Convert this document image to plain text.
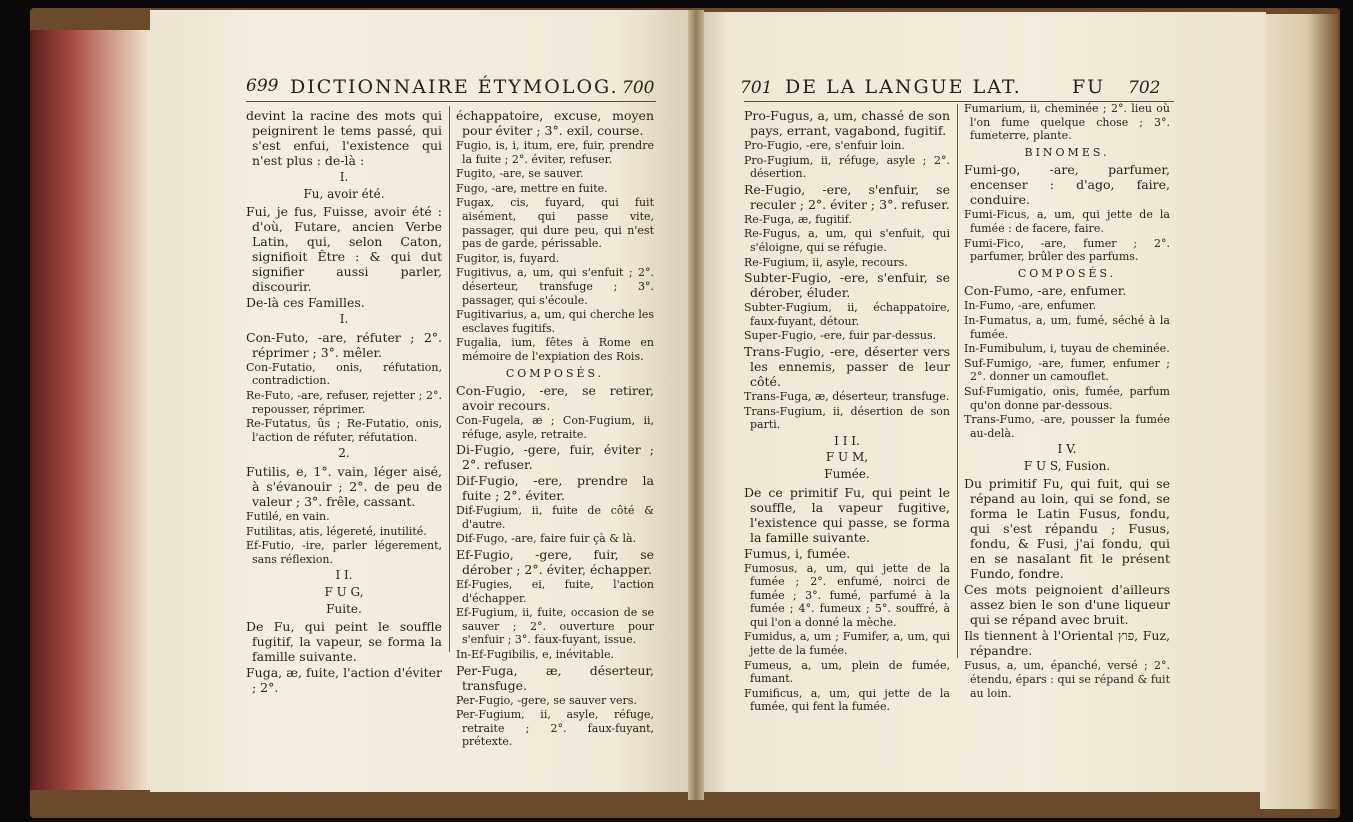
699 DICTIONNAIRE ÉTYMOLOG. 700	701 DE LA LANGUE LAT.	FU 702

devint la racine des mots qui peignirent le tems passé, qui s'est enfui, l'existence qui n'est plus : de-là :

I.

Fu, avoir été.

Fui, je fus, Fuisse, avoir été : d'où, Futare, ancien Verbe Latin, qui, selon Caton, signifioit Être : & qui dut signifier aussi parler, discourir.

De-là ces Familles.

I.

Con-Futo, -are, réfuter ; 2°. réprimer ; 3°. mêler.

Con-Futatio, onis, réfutation, contradiction.

Re-Futo, -are, refuser, rejetter ; 2°. repousser, réprimer.

Re-Futatus, ûs ; Re-Futatio, onis, l'action de réfuter, réfutation.

2.

Futilis, e, 1°. vain, léger aisé, à s'évanouir ; 2°. de peu de valeur ; 3°. frêle, cassant.

Futilé, en vain.

Futilitas, atis, légereté, inutilité.

Ef-Futio, -ire, parler légerement, sans réflexion.

I I.

F U G,

Fuite.

De Fu, qui peint le souffle fugitif, la vapeur, se forma la famille suivante.

Fuga, æ, fuite, l'action d'éviter ; 2°.

échappatoire, excuse, moyen pour éviter ; 3°. exil, course.

Fugio, is, i, itum, ere, fuir, prendre la fuite ; 2°. éviter, refuser.

Fugito, -are, se sauver.

Fugo, -are, mettre en fuite.

Fugax, cis, fuyard, qui fuit aisément, qui passe vite, passager, qui dure peu, qui n'est pas de garde, périssable.

Fugitor, is, fuyard.

Fugitivus, a, um, qui s'enfuit ; 2°. déserteur, transfuge ; 3°. passager, qui s'écoule.

Fugitivarius, a, um, qui cherche les esclaves fugitifs.

Fugalia, ium, fêtes à Rome en mémoire de l'expiation des Rois.

COMPOSÉS.

Con-Fugio, -ere, se retirer, avoir recours.

Con-Fugela, æ ; Con-Fugium, ii, réfuge, asyle, retraite.

Di-Fugio, -gere, fuir, éviter ; 2°. refuser.

Dif-Fugio, -ere, prendre la fuite ; 2°. éviter.

Dif-Fugium, ii, fuite de côté & d'autre.

Dif-Fugo, -are, faire fuir çà & là.

Ef-Fugio, -gere, fuir, se dérober ; 2°. éviter, échapper.

Ef-Fugies, ei, fuite, l'action d'échapper.

Ef-Fugium, ii, fuite, occasion de se sauver ; 2°. ouverture pour s'enfuir ; 3°. faux-fuyant, issue.

In-Ef-Fugibilis, e, inévitable.

Per-Fuga, æ, déserteur, transfuge.

Per-Fugio, -gere, se sauver vers.

Per-Fugium, ii, asyle, réfuge, retraite ; 2°. faux-fuyant, prétexte.

Pro-Fugus, a, um, chassé de son pays, errant, vagabond, fugitif.

Pro-Fugio, -ere, s'enfuir loin.

Pro-Fugium, ii, réfuge, asyle ; 2°. désertion.

Re-Fugio, -ere, s'enfuir, se reculer ; 2°. éviter ; 3°. refuser.

Re-Fuga, æ, fugitif.

Re-Fugus, a, um, qui s'enfuit, qui s'éloigne, qui se réfugie.

Re-Fugium, ii, asyle, recours.

Subter-Fugio, -ere, s'enfuir, se dérober, éluder.

Subter-Fugium, ii, échappatoire, faux-fuyant, détour.

Super-Fugio, -ere, fuir par-dessus.

Trans-Fugio, -ere, déserter vers les ennemis, passer de leur côté.

Trans-Fuga, æ, déserteur, transfuge.

Trans-Fugium, ii, désertion de son parti.

I I I.

F U M,

Fumée.

De ce primitif Fu, qui peint le souffle, la vapeur fugitive, l'existence qui passe, se forma la famille suivante.

Fumus, i, fumée.

Fumosus, a, um, qui jette de la fumée ; 2°. enfumé, noirci de fumée ; 3°. fumé, parfumé à la fumée ; 4°. fumeux ; 5°. souffré, à qui l'on a donné la mèche.

Fumidus, a, um ; Fumifer, a, um, qui jette de la fumée.

Fumeus, a, um, plein de fumée, fumant.

Fumificus, a, um, qui jette de la fumée, qui fent la fumée.

Fumarium, ii, cheminée ; 2°. lieu où l'on fume quelque chose ; 3°. fumeterre, plante.

BINOMES.

Fumi-go, -are, parfumer, encenser : d'ago, faire, conduire.

Fumi-Ficus, a, um, qui jette de la fumée : de facere, faire.

Fumi-Fico, -are, fumer ; 2°. parfumer, brûler des parfums.

COMPOSÉS.

Con-Fumo, -are, enfumer.

In-Fumo, -are, enfumer.

In-Fumatus, a, um, fumé, séché à la fumée.

In-Fumibulum, i, tuyau de cheminée.

Suf-Fumigo, -are, fumer, enfumer ; 2°. donner un camouflet.

Suf-Fumigatio, onis, fumée, parfum qu'on donne par-dessous.

Trans-Fumo, -are, pousser la fumée au-delà.

I V.

F U S, Fusion.

Du primitif Fu, qui fuit, qui se répand au loin, qui se fond, se forma le Latin Fusus, fondu, qui s'est répandu ; Fusus, fondu, & Fusi, j'ai fondu, qui en se nasalant fit le présent Fundo, fondre.

Ces mots peignoient d'ailleurs assez bien le son d'une liqueur qui se répand avec bruit.

Ils tiennent à l'Oriental פוץ, Fuz, répandre.

Fusus, a, um, épanché, versé ; 2°. étendu, épars : qui se répand & fuit au loin.
